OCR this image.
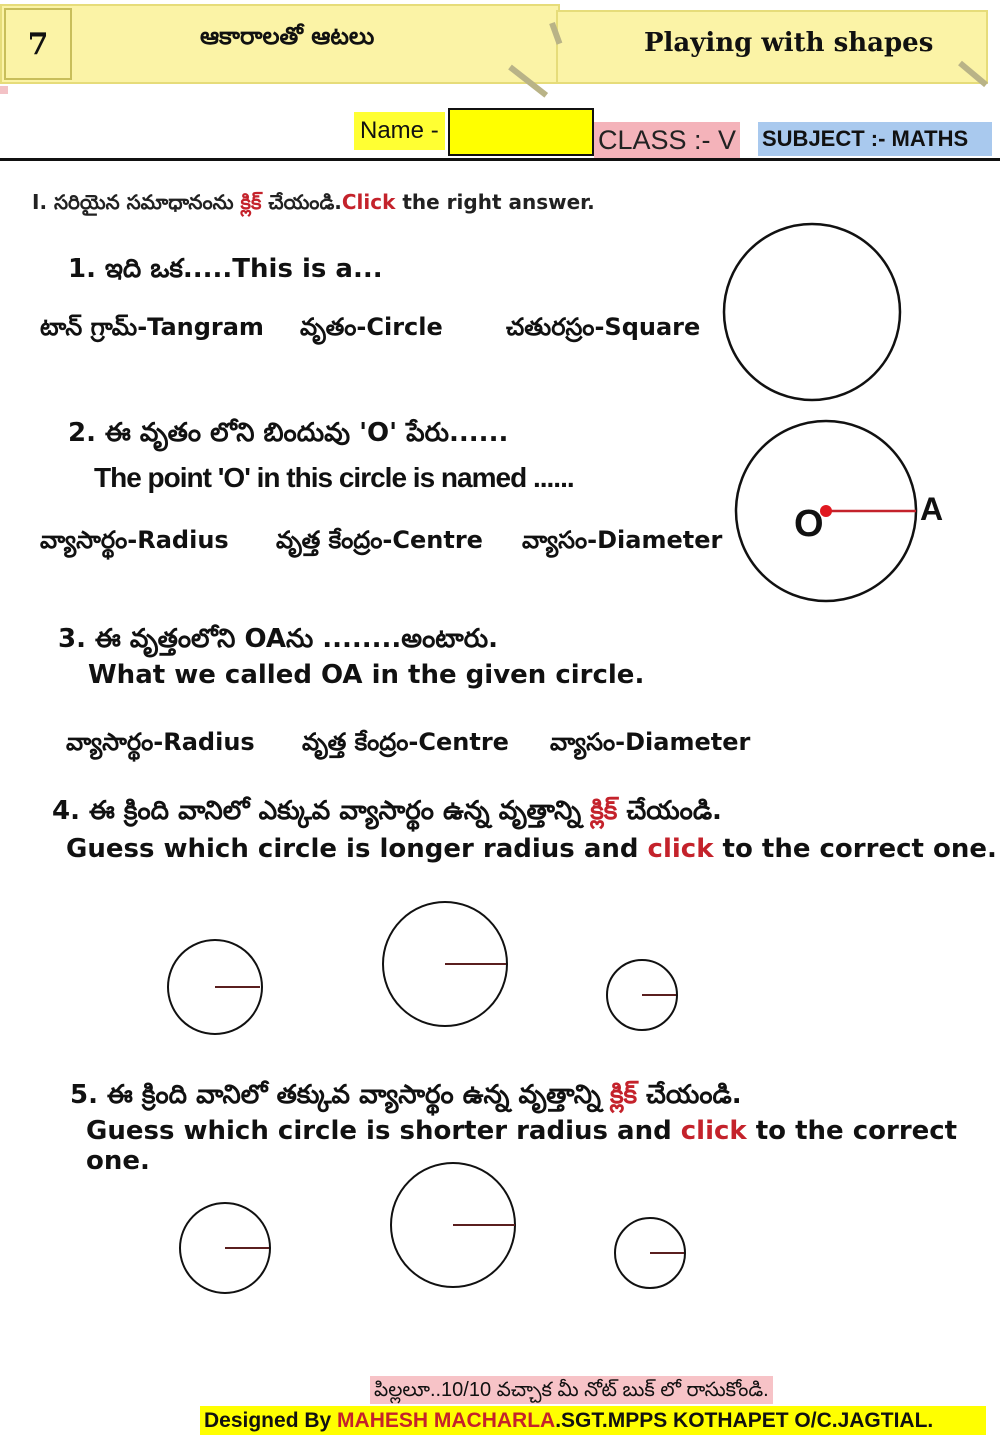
7	ఆకారాలతో ఆటలు	Playing with shapes
Name -	CLASS :- V SUBJECT :- MATHS
I. సరియైన సమాధానంను క్లిక్ చేయండి.Click the right answer.
1. ఇది ఒక.....This is a...
టాన్ గ్రామ్-Tangram వృతం-Circle	చతురస్రం-Square
2. ఈ వృతం లోని బిందువు 'O' పేరు......
The point 'O' in this circle is named ......
వ్యాసార్థం-Radius వృత్త కేంద్రం-Centre వ్యాసం-Diameter O	A
3. ఈ వృత్తంలోని OAను ........అంటారు.
What we called OA in the given circle.
వ్యాసార్థం-Radius వృత్త కేంద్రం-Centre వ్యాసం-Diameter
4. ఈ క్రింది వానిలో ఎక్కువ వ్యాసార్థం ఉన్న వృత్తాన్ని క్లిక్ చేయండి.
Guess which circle is longer radius and click to the correct one.
5. ఈ క్రింది వానిలో తక్కువ వ్యాసార్థం ఉన్న వృత్తాన్ని క్లిక్ చేయండి.
Guess which circle is shorter radius and click to the correct one.
పిల్లలూ..10/10 వచ్చాక మీ నోట్ బుక్ లో రాసుకోండి.
Designed By MAHESH MACHARLA.SGT.MPPS KOTHAPET O/C.JAGTIAL.
